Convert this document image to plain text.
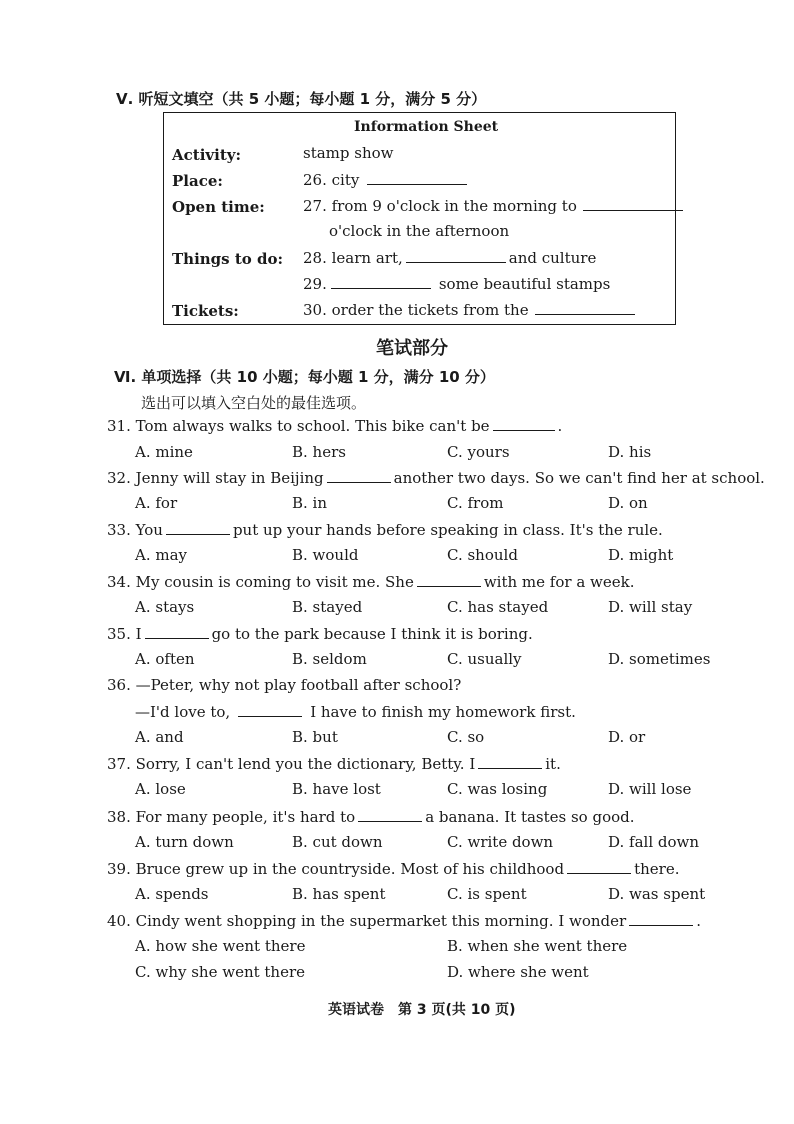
Ⅴ. 听短文填空（共 5 小题；每小题 1 分，满分 5 分）
Information Sheet
Activity:	stamp show
Place:	26. city
Open time:	27. from 9 o'clock in the morning to
o'clock in the afternoon
Things to do: 28. learn art,	and culture
29.	some beautiful stamps
Tickets:	30. order the tickets from the
笔试部分
Ⅵ. 单项选择（共 10 小题；每小题 1 分，满分 10 分）
选出可以填入空白处的最佳选项。
31. Tom always walks to school. This bike can't be	.
A. mine	B. hers	C. yours	D. his
32. Jenny will stay in Beijing	another two days. So we can't find her at school.
A. for	B. in	C. from	D. on
33. You	put up your hands before speaking in class. It's the rule.
A. may	B. would	C. should	D. might
34. My cousin is coming to visit me. She	with me for a week.
A. stays	B. stayed	C. has stayed	D. will stay
35. I	go to the park because I think it is boring.
A. often	B. seldom	C. usually	D. sometimes
36. —Peter, why not play football after school?
—I'd love to,	I have to finish my homework first.
A. and	B. but	C. so	D. or
37. Sorry, I can't lend you the dictionary, Betty. I	it.
A. lose	B. have lost	C. was losing	D. will lose
38. For many people, it's hard to	a banana. It tastes so good.
A. turn down	B. cut down	C. write down	D. fall down
39. Bruce grew up in the countryside. Most of his childhood	there.
A. spends	B. has spent	C. is spent	D. was spent
40. Cindy went shopping in the supermarket this morning. I wonder	.
A. how she went there	B. when she went there
C. why she went there	D. where she went
英语试卷　第 3 页(共 10 页)
